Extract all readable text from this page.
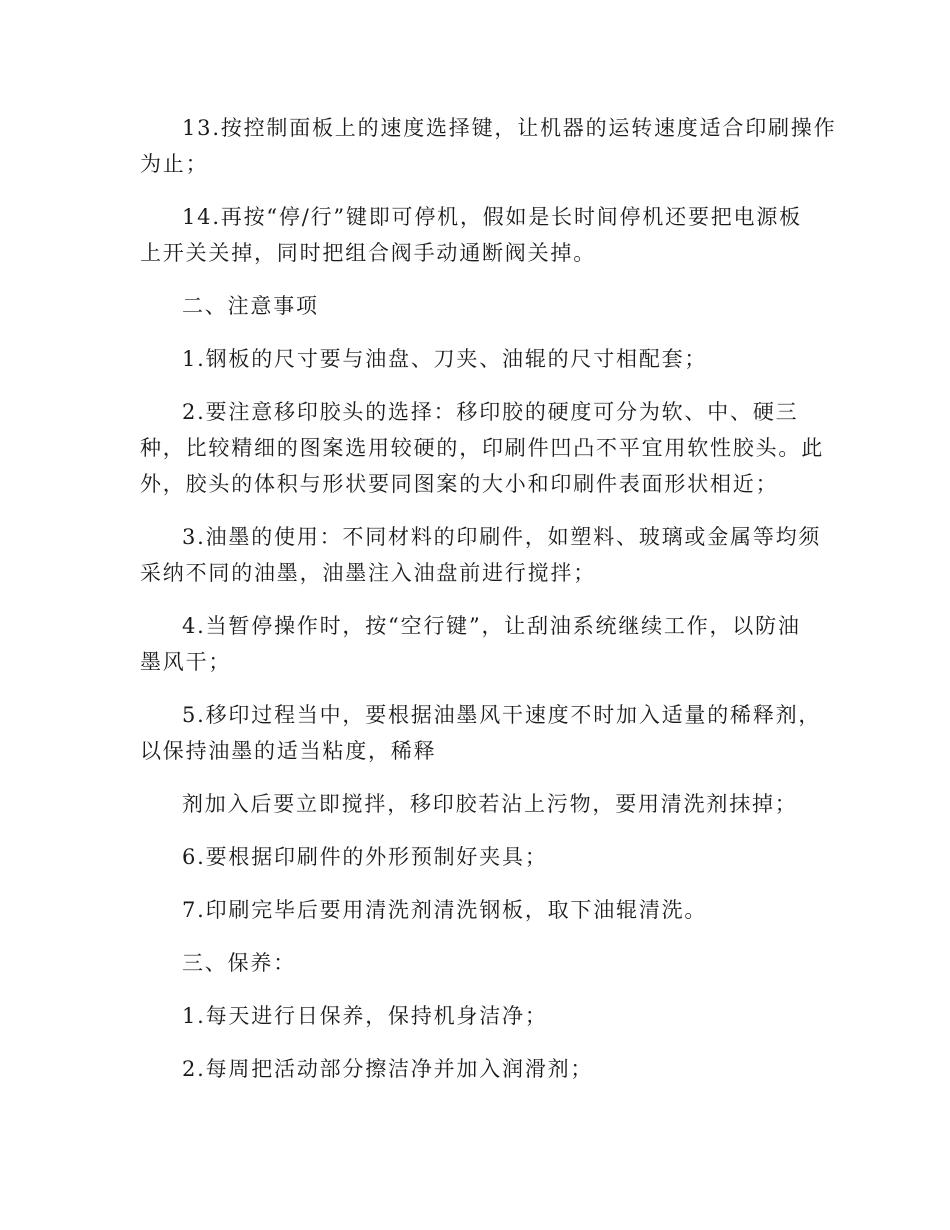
13.按控制面板上的速度选择键，让机器的运转速度适合印刷操作
为止；
14.再按“停/行”键即可停机，假如是长时间停机还要把电源板
上开关关掉，同时把组合阀手动通断阀关掉。
二、注意事项
1.钢板的尺寸要与油盘、刀夹、油辊的尺寸相配套；
2.要注意移印胶头的选择：移印胶的硬度可分为软、中、硬三
种，比较精细的图案选用较硬的，印刷件凹凸不平宜用软性胶头。此
外，胶头的体积与形状要同图案的大小和印刷件表面形状相近；
3.油墨的使用：不同材料的印刷件，如塑料、玻璃或金属等均须
采纳不同的油墨，油墨注入油盘前进行搅拌；
4.当暂停操作时，按“空行键”，让刮油系统继续工作，以防油
墨风干；
5.移印过程当中，要根据油墨风干速度不时加入适量的稀释剂，
以保持油墨的适当粘度，稀释
剂加入后要立即搅拌，移印胶若沾上污物，要用清洗剂抹掉；
6.要根据印刷件的外形预制好夹具；
7.印刷完毕后要用清洗剂清洗钢板，取下油辊清洗。
三、保养：
1.每天进行日保养，保持机身洁净；
2.每周把活动部分擦洁净并加入润滑剂；
